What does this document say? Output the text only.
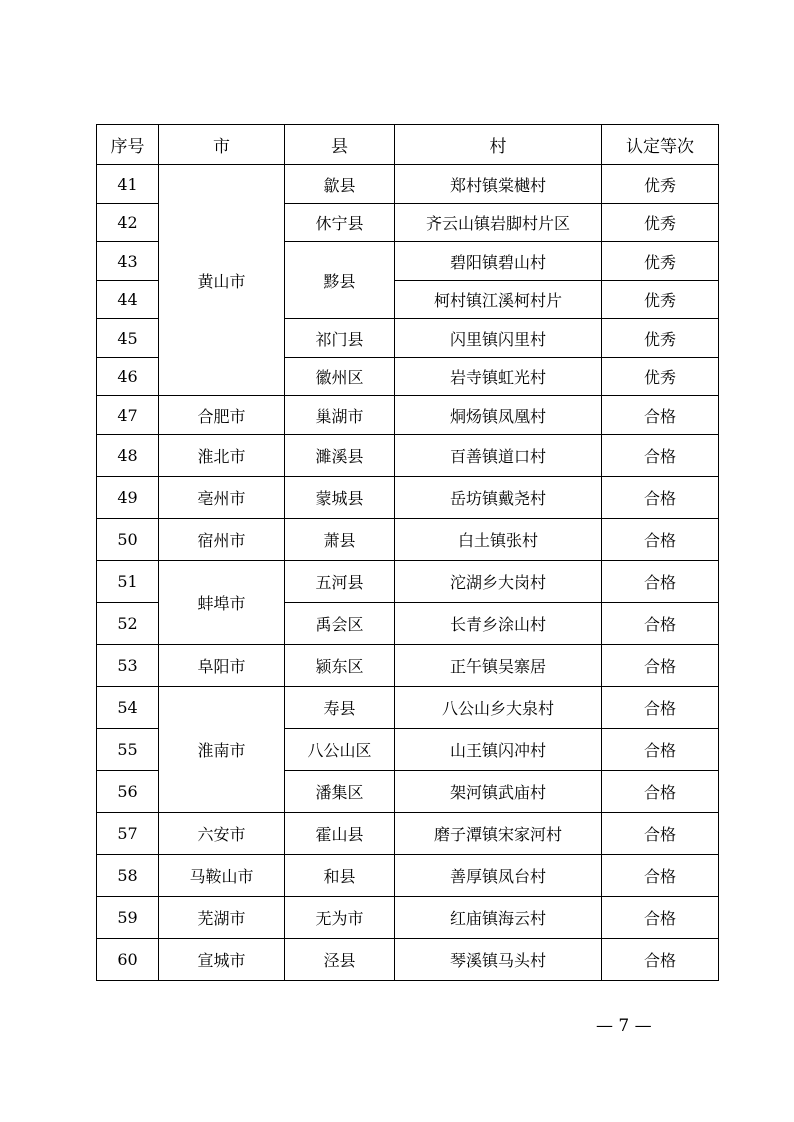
序号	市	县	村	认定等次
41	黄山市	歙县	郑村镇棠樾村	优秀
42		休宁县	齐云山镇岩脚村片区	优秀
43		黟县	碧阳镇碧山村	优秀
44			柯村镇江溪柯村片	优秀
45		祁门县	闪里镇闪里村	优秀
46		徽州区	岩寺镇虹光村	优秀
47	合肥市	巢湖市	烔炀镇凤凰村	合格
48	淮北市	濉溪县	百善镇道口村	合格
49	亳州市	蒙城县	岳坊镇戴尧村	合格
50	宿州市	萧县	白土镇张村	合格
51	蚌埠市	五河县	沱湖乡大岗村	合格
52		禹会区	长青乡涂山村	合格
53	阜阳市	颍东区	正午镇吴寨居	合格
54	淮南市	寿县	八公山乡大泉村	合格
55		八公山区	山王镇闪冲村	合格
56		潘集区	架河镇武庙村	合格
57	六安市	霍山县	磨子潭镇宋家河村	合格
58	马鞍山市	和县	善厚镇凤台村	合格
59	芜湖市	无为市	红庙镇海云村	合格
60	宣城市	泾县	琴溪镇马头村	合格
— 7 —
